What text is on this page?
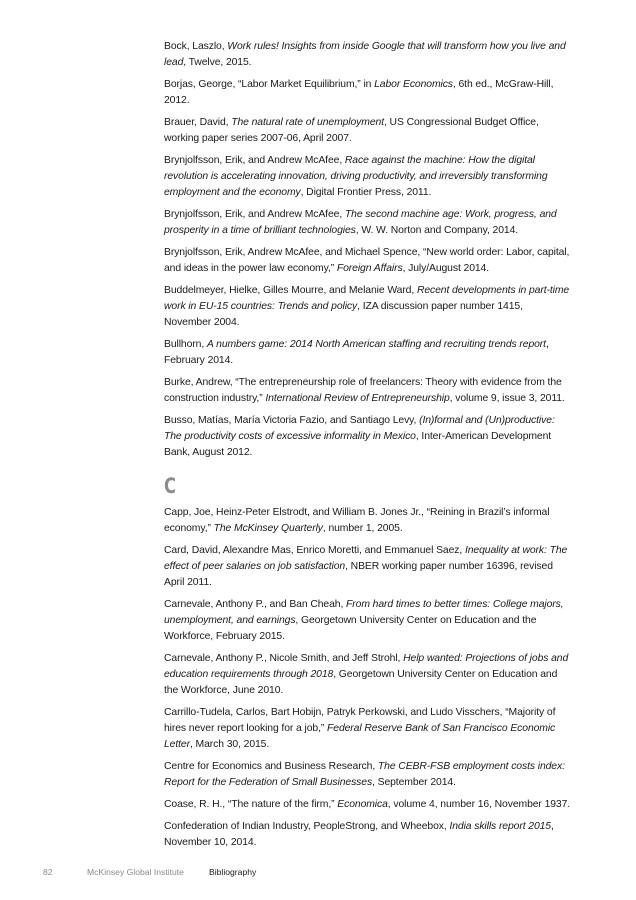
Bock, Laszlo, Work rules! Insights from inside Google that will transform how you live and lead, Twelve, 2015.

Borjas, George, “Labor Market Equilibrium,” in Labor Economics, 6th ed., McGraw-Hill, 2012.

Brauer, David, The natural rate of unemployment, US Congressional Budget Office, working paper series 2007-06, April 2007.

Brynjolfsson, Erik, and Andrew McAfee, Race against the machine: How the digital revolution is accelerating innovation, driving productivity, and irreversibly transforming employment and the economy, Digital Frontier Press, 2011.

Brynjolfsson, Erik, and Andrew McAfee, The second machine age: Work, progress, and prosperity in a time of brilliant technologies, W. W. Norton and Company, 2014.

Brynjolfsson, Erik, Andrew McAfee, and Michael Spence, “New world order: Labor, capital, and ideas in the power law economy,” Foreign Affairs, July/August 2014.

Buddelmeyer, Hielke, Gilles Mourre, and Melanie Ward, Recent developments in part-time work in EU-15 countries: Trends and policy, IZA discussion paper number 1415, November 2004.

Bullhorn, A numbers game: 2014 North American staffing and recruiting trends report, February 2014.

Burke, Andrew, “The entrepreneurship role of freelancers: Theory with evidence from the construction industry,” International Review of Entrepreneurship, volume 9, issue 3, 2011.

Busso, Matías, María Victoria Fazio, and Santiago Levy, (In)formal and (Un)productive: The productivity costs of excessive informality in Mexico, Inter-American Development Bank, August 2012.

C

Capp, Joe, Heinz-Peter Elstrodt, and William B. Jones Jr., “Reining in Brazil’s informal economy,” The McKinsey Quarterly, number 1, 2005.

Card, David, Alexandre Mas, Enrico Moretti, and Emmanuel Saez, Inequality at work: The effect of peer salaries on job satisfaction, NBER working paper number 16396, revised April 2011.

Carnevale, Anthony P., and Ban Cheah, From hard times to better times: College majors, unemployment, and earnings, Georgetown University Center on Education and the Workforce, February 2015.

Carnevale, Anthony P., Nicole Smith, and Jeff Strohl, Help wanted: Projections of jobs and education requirements through 2018, Georgetown University Center on Education and the Workforce, June 2010.

Carrillo-Tudela, Carlos, Bart Hobijn, Patryk Perkowski, and Ludo Visschers, “Majority of hires never report looking for a job,” Federal Reserve Bank of San Francisco Economic Letter, March 30, 2015.

Centre for Economics and Business Research, The CEBR-FSB employment costs index: Report for the Federation of Small Businesses, September 2014.

Coase, R. H., “The nature of the firm,” Economica, volume 4, number 16, November 1937.

Confederation of Indian Industry, PeopleStrong, and Wheebox, India skills report 2015, November 10, 2014.

82	McKinsey Global Institute	Bibliography
